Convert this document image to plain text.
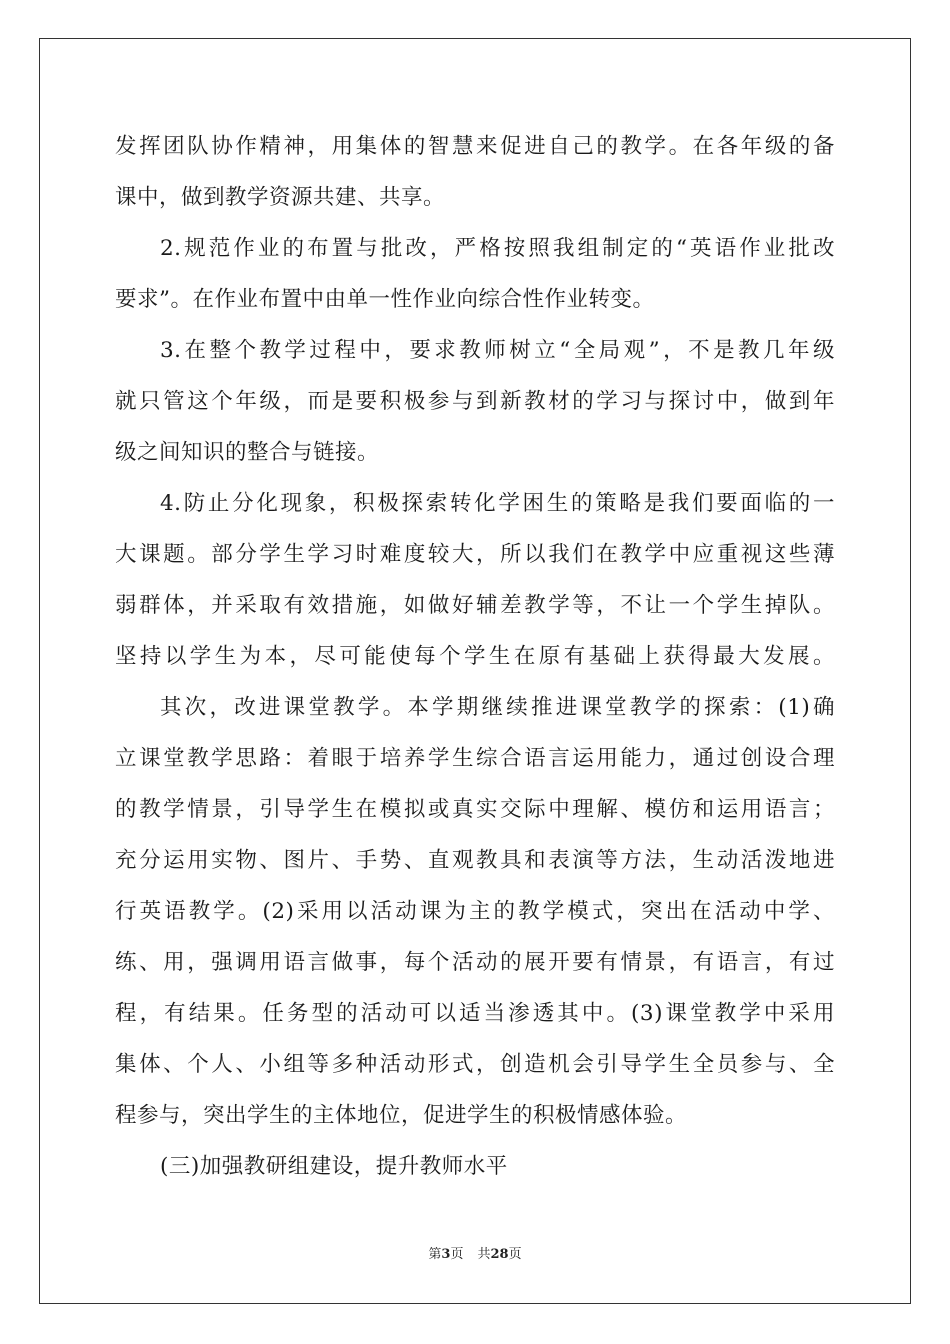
发挥团队协作精神，用集体的智慧来促进自己的教学。在各年级的备
课中，做到教学资源共建、共享。
2.规范作业的布置与批改，严格按照我组制定的“英语作业批改
要求”。在作业布置中由单一性作业向综合性作业转变。
3.在整个教学过程中，要求教师树立“全局观”，不是教几年级
就只管这个年级，而是要积极参与到新教材的学习与探讨中，做到年
级之间知识的整合与链接。
4.防止分化现象，积极探索转化学困生的策略是我们要面临的一
大课题。部分学生学习时难度较大，所以我们在教学中应重视这些薄
弱群体，并采取有效措施，如做好辅差教学等，不让一个学生掉队。
坚持以学生为本，尽可能使每个学生在原有基础上获得最大发展。
其次，改进课堂教学。本学期继续推进课堂教学的探索：(1)确
立课堂教学思路：着眼于培养学生综合语言运用能力，通过创设合理
的教学情景，引导学生在模拟或真实交际中理解、模仿和运用语言；
充分运用实物、图片、手势、直观教具和表演等方法，生动活泼地进
行英语教学。(2)采用以活动课为主的教学模式，突出在活动中学、
练、用，强调用语言做事，每个活动的展开要有情景，有语言，有过
程，有结果。任务型的活动可以适当渗透其中。(3)课堂教学中采用
集体、个人、小组等多种活动形式，创造机会引导学生全员参与、全
程参与，突出学生的主体地位，促进学生的积极情感体验。
(三)加强教研组建设，提升教师水平
第3页 共28页
